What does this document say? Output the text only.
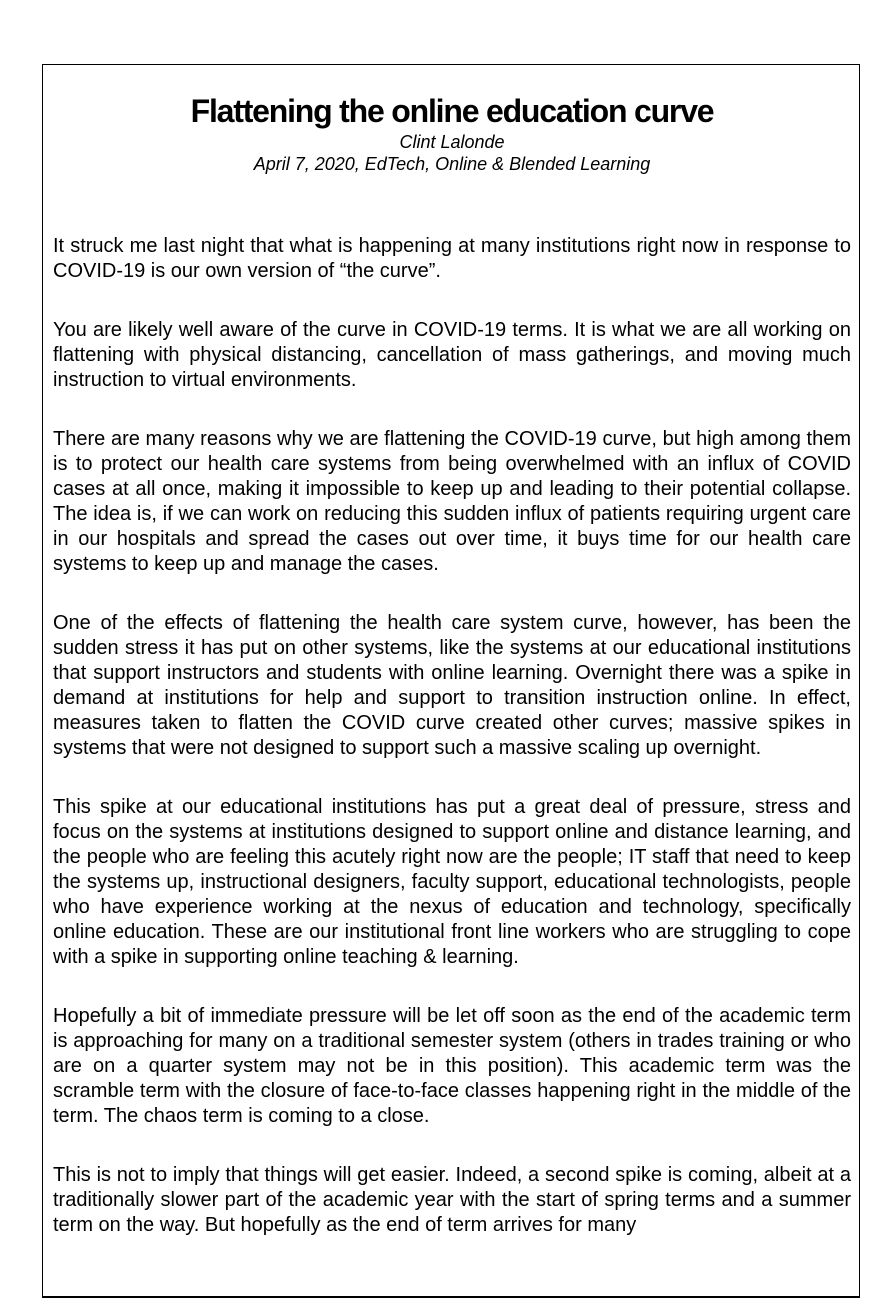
Flattening the online education curve

Clint Lalonde

April 7, 2020, EdTech, Online & Blended Learning

It struck me last night that what is happening at many institutions right now in response to COVID-19 is our own version of “the curve”.

You are likely well aware of the curve in COVID-19 terms. It is what we are all working on flattening with physical distancing, cancellation of mass gatherings, and moving much instruction to virtual environments.

There are many reasons why we are flattening the COVID-19 curve, but high among them is to protect our health care systems from being overwhelmed with an influx of COVID cases at all once, making it impossible to keep up and leading to their potential collapse. The idea is, if we can work on reducing this sudden influx of patients requiring urgent care in our hospitals and spread the cases out over time, it buys time for our health care systems to keep up and manage the cases.

One of the effects of flattening the health care system curve, however, has been the sudden stress it has put on other systems, like the systems at our educational institutions that support instructors and students with online learning. Overnight there was a spike in demand at institutions for help and support to transition instruction online. In effect, measures taken to flatten the COVID curve created other curves; massive spikes in systems that were not designed to support such a massive scaling up overnight.

This spike at our educational institutions has put a great deal of pressure, stress and focus on the systems at institutions designed to support online and distance learning, and the people who are feeling this acutely right now are the people; IT staff that need to keep the systems up, instructional designers, faculty support, educational technologists, people who have experience working at the nexus of education and technology, specifically online education. These are our institutional front line workers who are struggling to cope with a spike in supporting online teaching & learning.

Hopefully a bit of immediate pressure will be let off soon as the end of the academic term is approaching for many on a traditional semester system (others in trades training or who are on a quarter system may not be in this position). This academic term was the scramble term with the closure of face-to-face classes happening right in the middle of the term. The chaos term is coming to a close.

This is not to imply that things will get easier. Indeed, a second spike is coming, albeit at a traditionally slower part of the academic year with the start of spring terms and a summer term on the way. But hopefully as the end of term arrives for many
